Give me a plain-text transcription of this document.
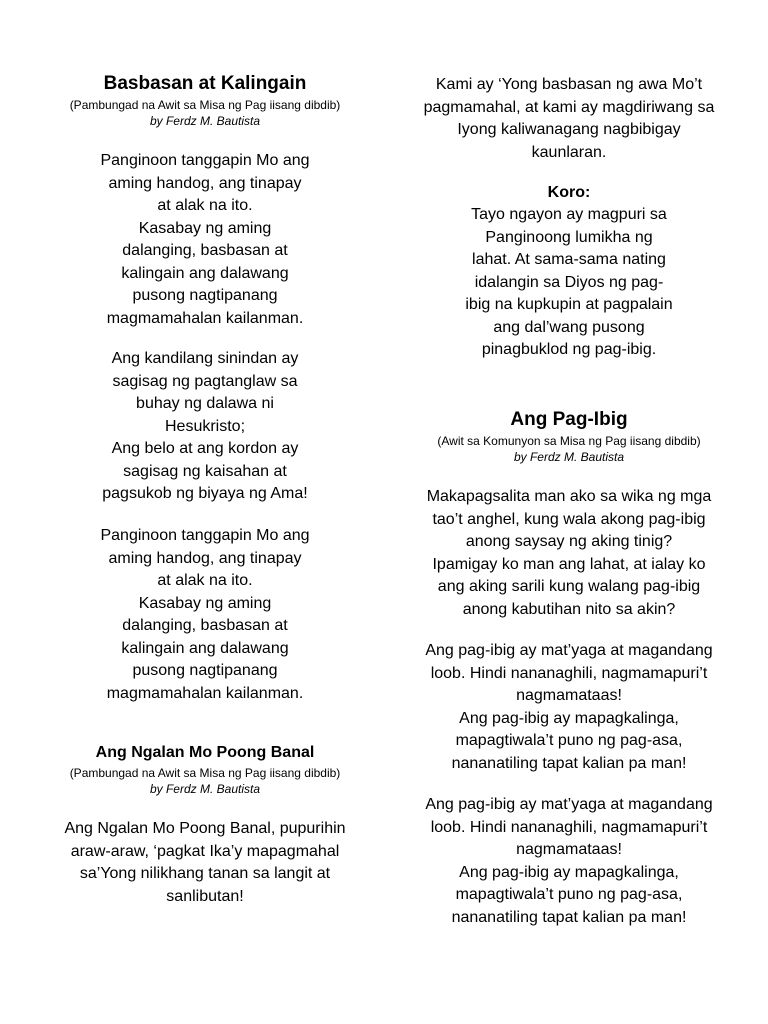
Basbasan at Kalingain

(Pambungad na Awit sa Misa ng Pag iisang dibdib)

by Ferdz M. Bautista

Panginoon tanggapin Mo ang
aming handog, ang tinapay
at alak na ito.
Kasabay ng aming
dalanging, basbasan at
kalingain ang dalawang
pusong nagtipanang
magmamahalan kailanman.
Ang kandilang sinindan ay
sagisag ng pagtanglaw sa
buhay ng dalawa ni
Hesukristo;
Ang belo at ang kordon ay
sagisag ng kaisahan at
pagsukob ng biyaya ng Ama!
Panginoon tanggapin Mo ang
aming handog, ang tinapay
at alak na ito.
Kasabay ng aming
dalanging, basbasan at
kalingain ang dalawang
pusong nagtipanang
magmamahalan kailanman.
Ang Ngalan Mo Poong Banal

(Pambungad na Awit sa Misa ng Pag iisang dibdib)

by Ferdz M. Bautista

Ang Ngalan Mo Poong Banal, pupurihin
araw-araw, ‘pagkat Ika’y mapagmahal
sa’Yong nilikhang tanan sa langit at
sanlibutan!
Kami ay ‘Yong basbasan ng awa Mo’t
pagmamahal, at kami ay magdiriwang sa
Iyong kaliwanagang nagbibigay
kaunlaran.

Koro:

Tayo ngayon ay magpuri sa
Panginoong lumikha ng
lahat. At sama-sama nating
idalangin sa Diyos ng pag-
ibig na kupkupin at pagpalain
ang dal’wang pusong
pinagbuklod ng pag-ibig.
Ang Pag-Ibig

(Awit sa Komunyon sa Misa ng Pag iisang dibdib)

by Ferdz M. Bautista

Makapagsalita man ako sa wika ng mga
tao’t anghel, kung wala akong pag-ibig
anong saysay ng aking tinig?
Ipamigay ko man ang lahat, at ialay ko
ang aking sarili kung walang pag-ibig
anong kabutihan nito sa akin?
Ang pag-ibig ay mat’yaga at magandang
loob. Hindi nananaghili, nagmamapuri’t
nagmamataas!
Ang pag-ibig ay mapagkalinga,
mapagtiwala’t puno ng pag-asa,
nananatiling tapat kalian pa man!
Ang pag-ibig ay mat’yaga at magandang
loob. Hindi nananaghili, nagmamapuri’t
nagmamataas!
Ang pag-ibig ay mapagkalinga,
mapagtiwala’t puno ng pag-asa,
nananatiling tapat kalian pa man!
